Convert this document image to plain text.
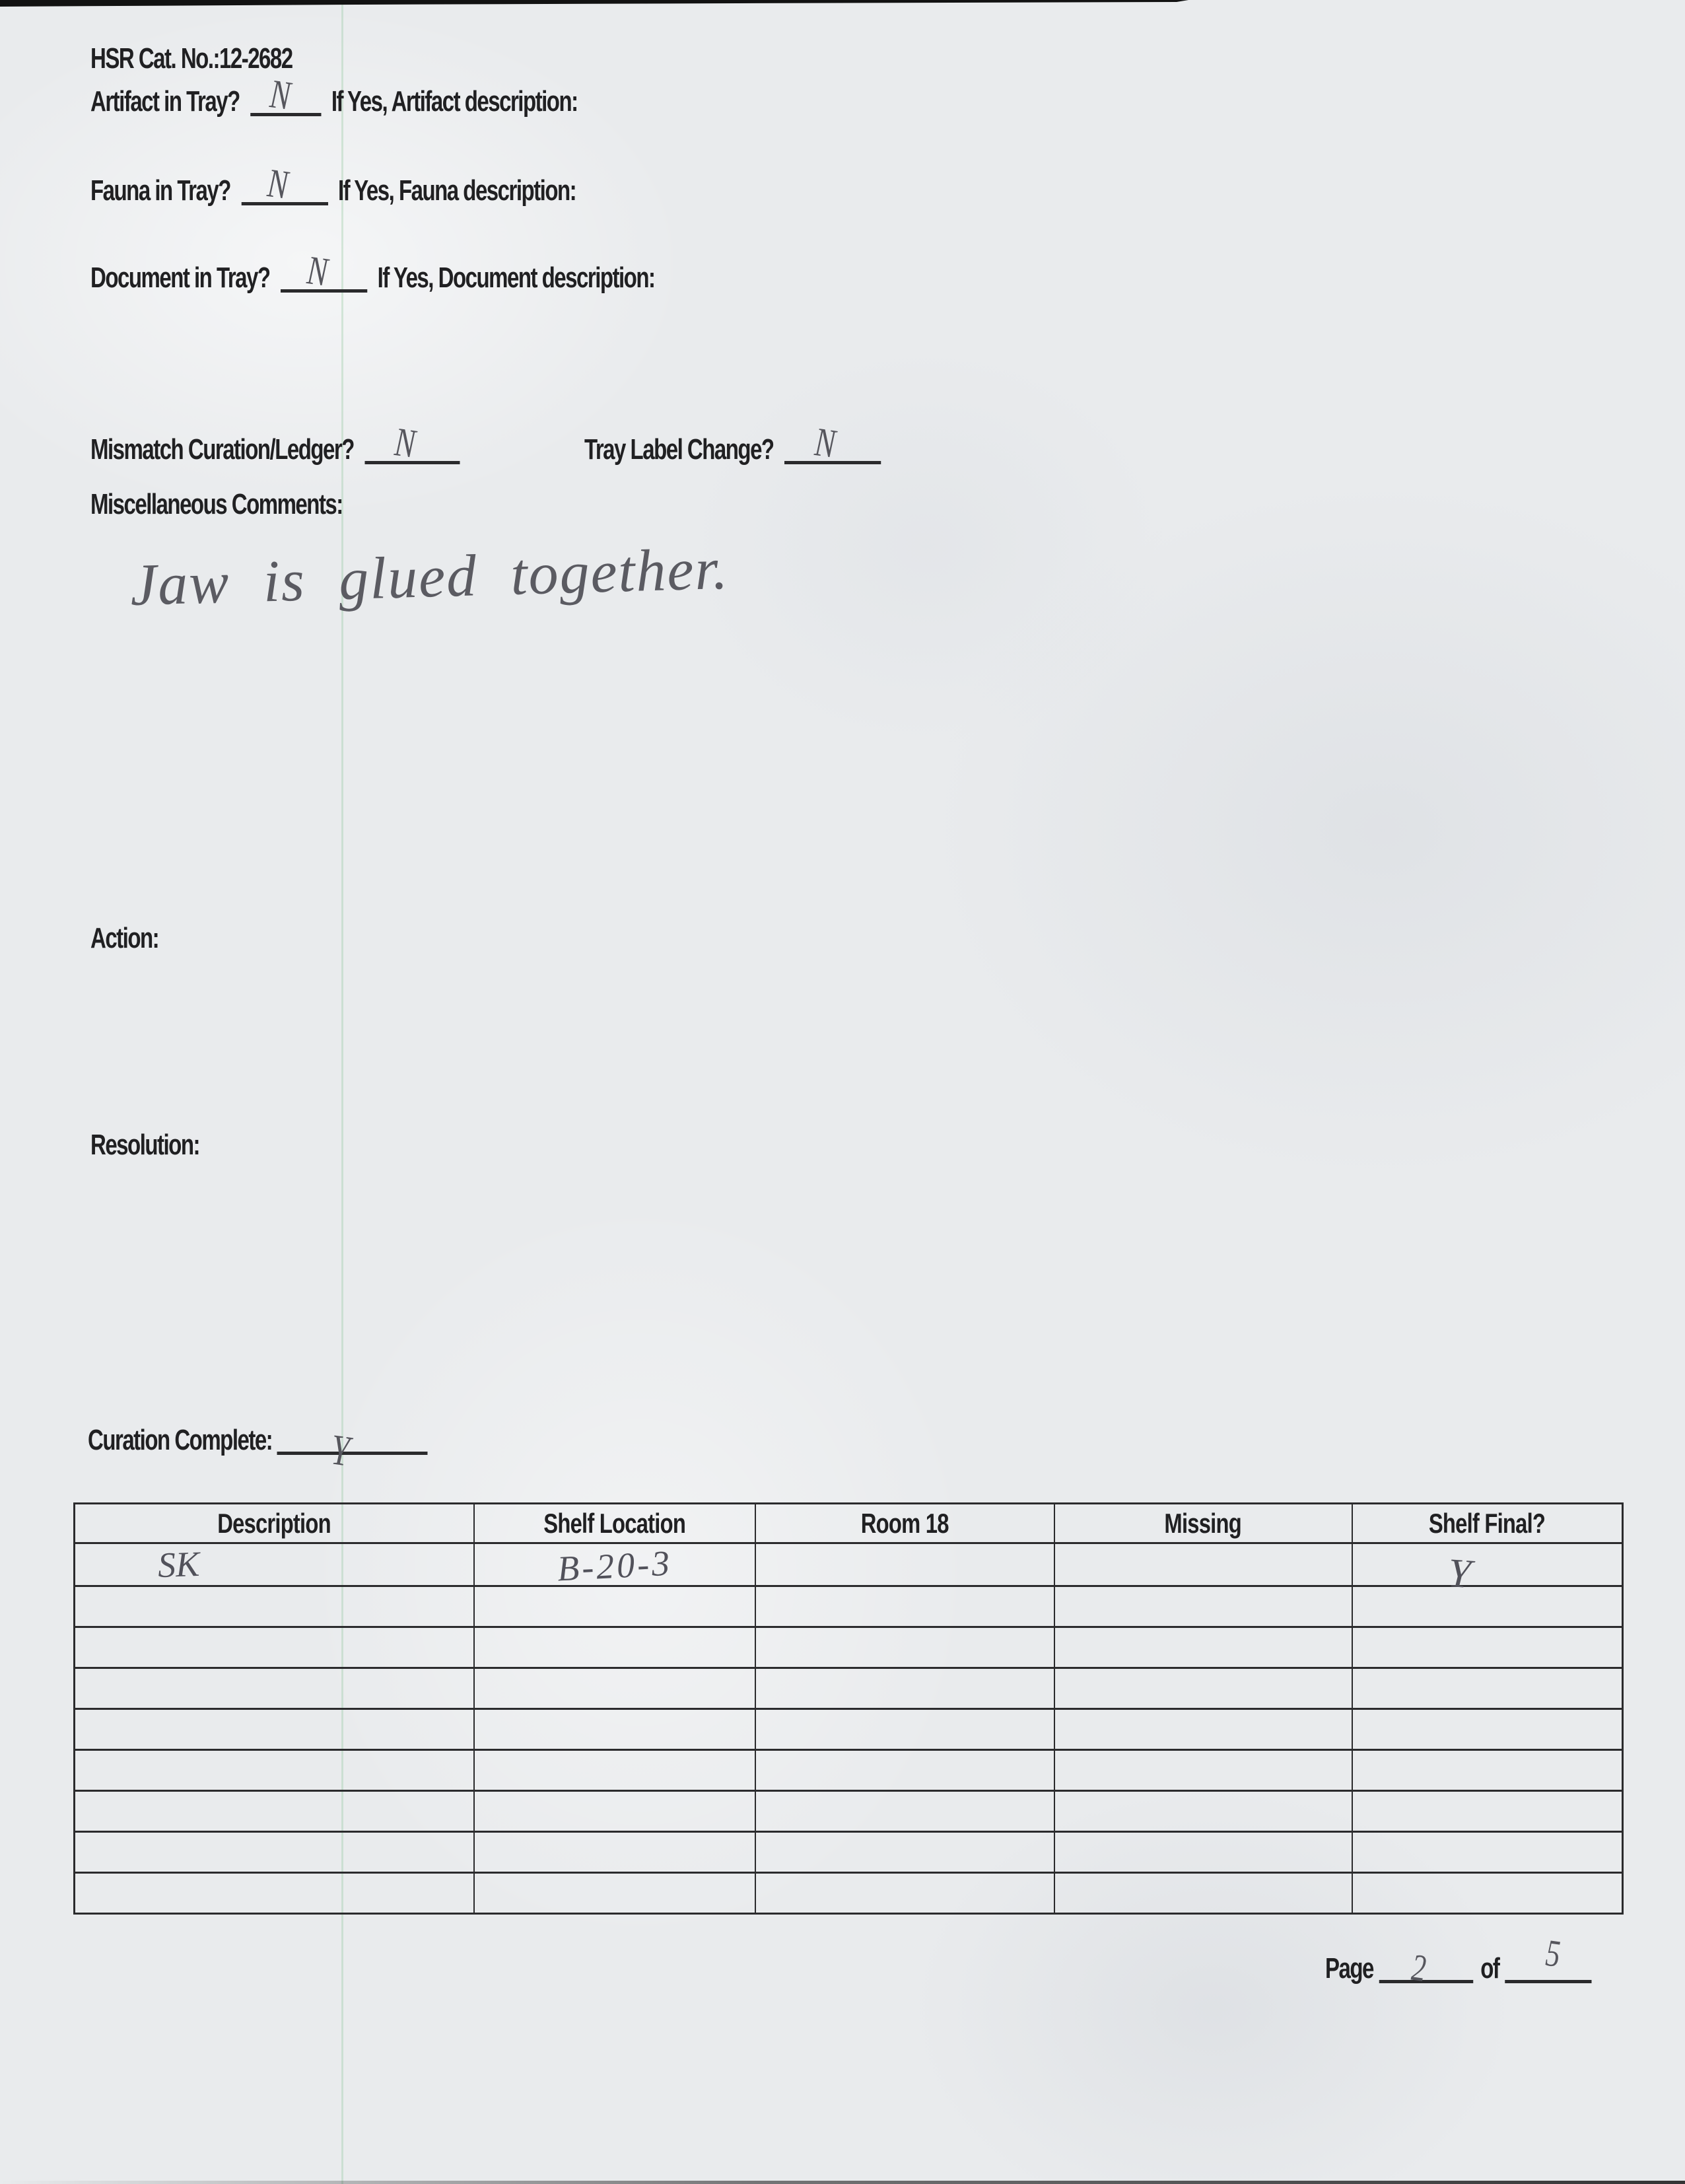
HSR Cat. No.:12-2682
Artifact in Tray? N If Yes, Artifact description:
Fauna in Tray? N If Yes, Fauna description:
Document in Tray? N If Yes, Document description:
Mismatch Curation/Ledger? N	Tray Label Change? N
Miscellaneous Comments:
Jaw is glued together.
Action:
Resolution:
Curation Complete: Y
Description	Shelf Location	Room 18	Missing	Shelf Final?
SK	B-20-3			Y

Page 2 of 5
